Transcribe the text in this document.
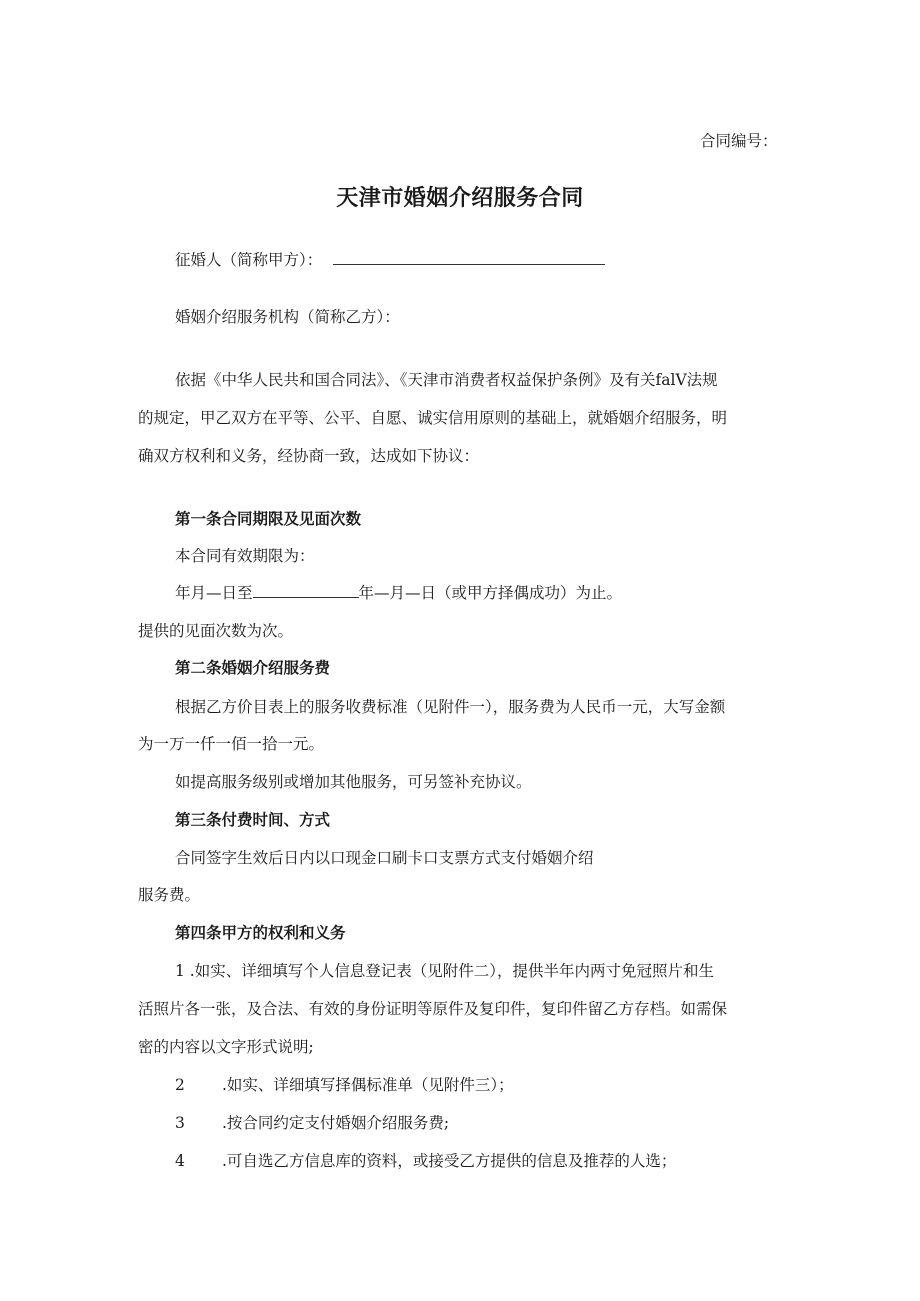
合同编号：
天津市婚姻介绍服务合同
征婚人（简称甲方）：
婚姻介绍服务机构（简称乙方）：
依据《中华人民共和国合同法》、《天津市消费者权益保护条例》及有关falV法规
的规定，甲乙双方在平等、公平、自愿、诚实信用原则的基础上，就婚姻介绍服务，明
确双方权利和义务，经协商一致，达成如下协议：
第一条合同期限及见面次数
本合同有效期限为：
年月—日至	年—月—日（或甲方择偶成功）为止。
提供的见面次数为次。
第二条婚姻介绍服务费
根据乙方价目表上的服务收费标准（见附件一），服务费为人民币一元，大写金额
为一万一仟一佰一拾一元。
如提高服务级别或增加其他服务，可另签补充协议。
第三条付费时间、方式
合同签字生效后日内以口现金口刷卡口支票方式支付婚姻介绍
服务费。
第四条甲方的权利和义务
1 .如实、详细填写个人信息登记表（见附件二），提供半年内两寸免冠照片和生
活照片各一张，及合法、有效的身份证明等原件及复印件，复印件留乙方存档。如需保
密的内容以文字形式说明;
2 .如实、详细填写择偶标准单（见附件三）；
3 .按合同约定支付婚姻介绍服务费;
4 .可自选乙方信息库的资料，或接受乙方提供的信息及推荐的人选；
